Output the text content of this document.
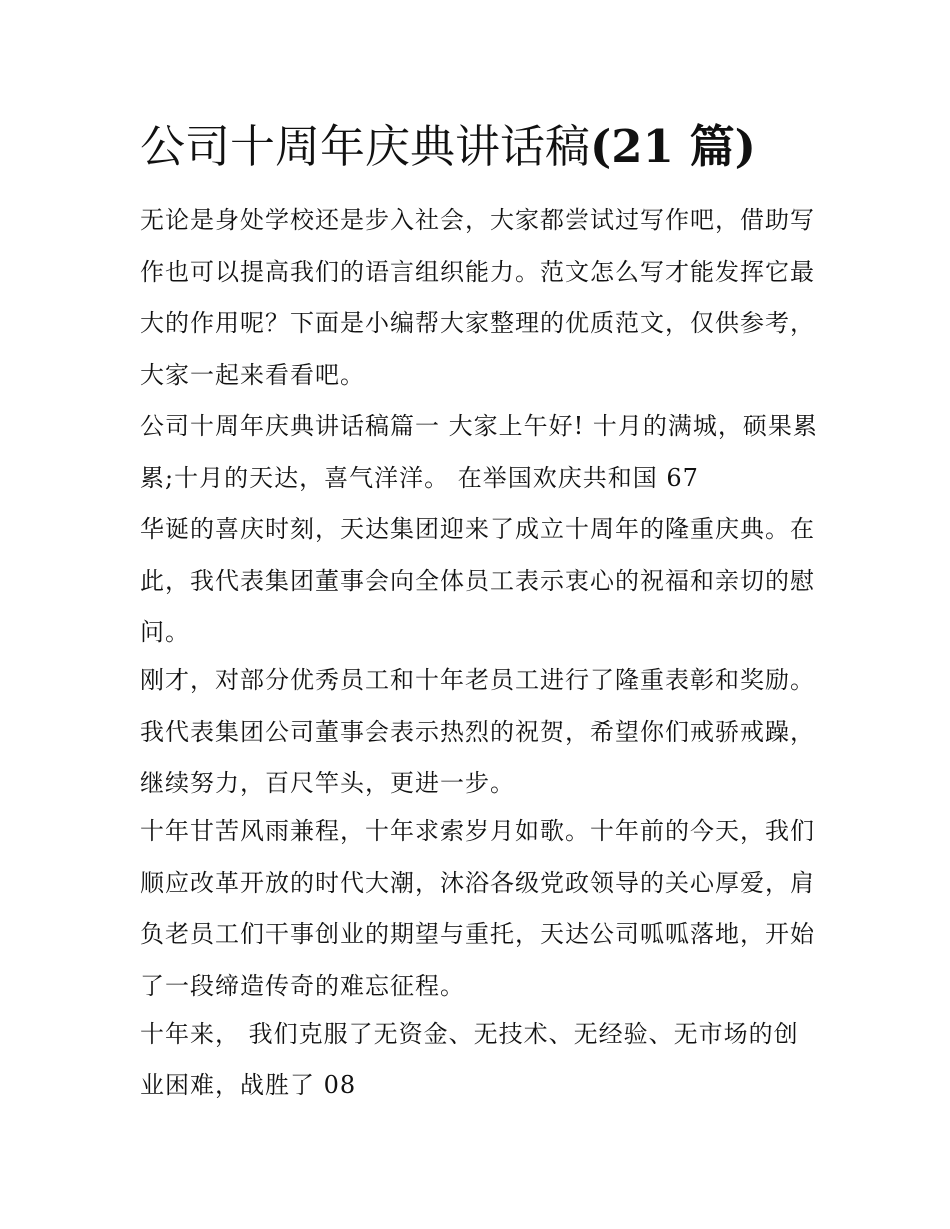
公司十周年庆典讲话稿(21 篇)
无论是身处学校还是步入社会，大家都尝试过写作吧，借助写
作也可以提高我们的语言组织能力。范文怎么写才能发挥它最
大的作用呢？下面是小编帮大家整理的优质范文，仅供参考，
大家一起来看看吧。
公司十周年庆典讲话稿篇一 大家上午好! 十月的满城，硕果累
累;十月的天达，喜气洋洋。 在举国欢庆共和国 67
华诞的喜庆时刻，天达集团迎来了成立十周年的隆重庆典。在
此，我代表集团董事会向全体员工表示衷心的祝福和亲切的慰
问。
刚才，对部分优秀员工和十年老员工进行了隆重表彰和奖励。
我代表集团公司董事会表示热烈的祝贺，希望你们戒骄戒躁，
继续努力，百尺竿头，更进一步。
十年甘苦风雨兼程，十年求索岁月如歌。十年前的今天，我们
顺应改革开放的时代大潮，沐浴各级党政领导的关心厚爱，肩
负老员工们干事创业的期望与重托，天达公司呱呱落地，开始
了一段缔造传奇的难忘征程。
十年来， 我们克服了无资金、无技术、无经验、无市场的创
业困难，战胜了 08
